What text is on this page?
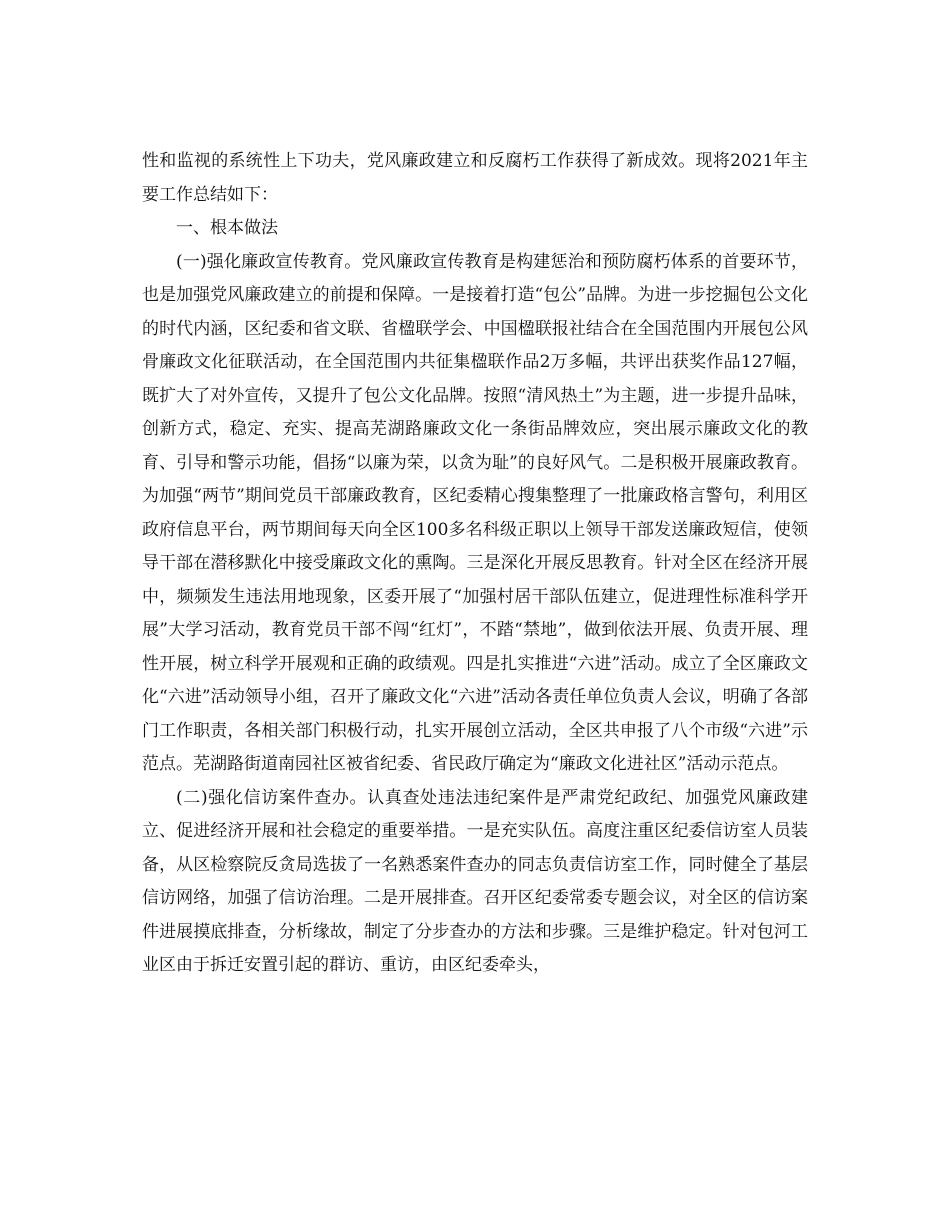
性和监视的系统性上下功夫，党风廉政建立和反腐朽工作获得了新成效。现将2021年主要工作总结如下：

一、根本做法

(一)强化廉政宣传教育。党风廉政宣传教育是构建惩治和预防腐朽体系的首要环节，也是加强党风廉政建立的前提和保障。一是接着打造“包公”品牌。为进一步挖掘包公文化的时代内涵，区纪委和省文联、省楹联学会、中国楹联报社结合在全国范围内开展包公风骨廉政文化征联活动，在全国范围内共征集楹联作品2万多幅，共评出获奖作品127幅，既扩大了对外宣传，又提升了包公文化品牌。按照“清风热土”为主题，进一步提升品味，创新方式，稳定、充实、提高芜湖路廉政文化一条街品牌效应，突出展示廉政文化的教育、引导和警示功能，倡扬“以廉为荣，以贪为耻”的良好风气。二是积极开展廉政教育。为加强“两节”期间党员干部廉政教育，区纪委精心搜集整理了一批廉政格言警句，利用区政府信息平台，两节期间每天向全区100多名科级正职以上领导干部发送廉政短信，使领导干部在潜移默化中接受廉政文化的熏陶。三是深化开展反思教育。针对全区在经济开展中，频频发生违法用地现象，区委开展了“加强村居干部队伍建立，促进理性标准科学开展”大学习活动，教育党员干部不闯“红灯”，不踏“禁地”，做到依法开展、负责开展、理性开展，树立科学开展观和正确的政绩观。四是扎实推进“六进”活动。成立了全区廉政文化“六进”活动领导小组，召开了廉政文化“六进”活动各责任单位负责人会议，明确了各部门工作职责，各相关部门积极行动，扎实开展创立活动，全区共申报了八个市级“六进”示范点。芜湖路街道南园社区被省纪委、省民政厅确定为“廉政文化进社区”活动示范点。

(二)强化信访案件查办。认真查处违法违纪案件是严肃党纪政纪、加强党风廉政建立、促进经济开展和社会稳定的重要举措。一是充实队伍。高度注重区纪委信访室人员装备，从区检察院反贪局选拔了一名熟悉案件查办的同志负责信访室工作，同时健全了基层信访网络，加强了信访治理。二是开展排查。召开区纪委常委专题会议，对全区的信访案件进展摸底排查，分析缘故，制定了分步查办的方法和步骤。三是维护稳定。针对包河工业区由于拆迁安置引起的群访、重访，由区纪委牵头，
